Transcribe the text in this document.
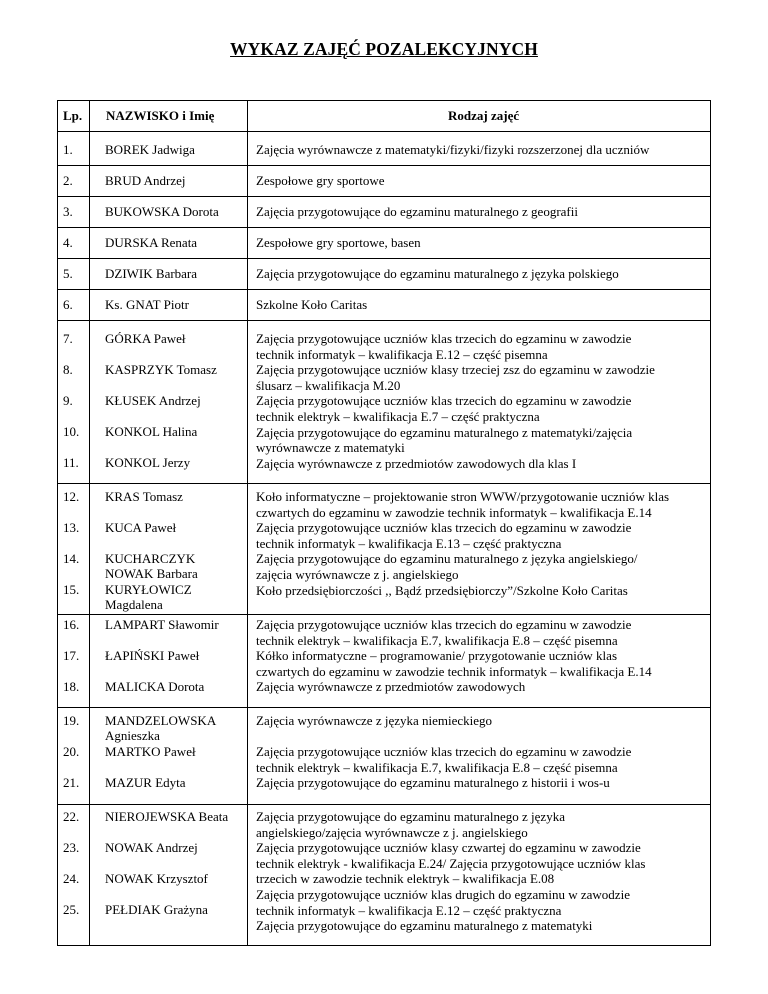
WYKAZ ZAJĘĆ POZALEKCYJNYCH
Lp. NAZWISKO i Imię	Rodzaj zajęć
1. BOREK Jadwiga
2. BRUD Andrzej
3. BUKOWSKA Dorota
4. DURSKA Renata
5. DZIWIK Barbara
6. Ks. GNAT Piotr
7. GÓRKA Paweł
8. KASPRZYK Tomasz
9. KŁUSEK Andrzej
10. KONKOL Halina
11. KONKOL Jerzy
12. KRAS Tomasz
13. KUCA Paweł
14. KUCHARCZYK
NOWAK Barbara
15. KURYŁOWICZ
Magdalena
16. LAMPART Sławomir
17. ŁAPIŃSKI Paweł
18. MALICKA Dorota
19. MANDZELOWSKA
Agnieszka
20. MARTKO Paweł
21. MAZUR Edyta
22. NIEROJEWSKA Beata
23. NOWAK Andrzej
24. NOWAK Krzysztof
25. PEŁDIAK Grażyna
Zajęcia wyrównawcze z matematyki/fizyki/fizyki rozszerzonej dla uczniów
Zespołowe gry sportowe
Zajęcia przygotowujące do egzaminu maturalnego z geografii
Zespołowe gry sportowe, basen
Zajęcia przygotowujące do egzaminu maturalnego z języka polskiego
Szkolne Koło Caritas
Zajęcia przygotowujące uczniów klas trzecich do egzaminu w zawodzie
technik informatyk – kwalifikacja E.12 – część pisemna
Zajęcia przygotowujące uczniów klasy trzeciej zsz do egzaminu w zawodzie
ślusarz – kwalifikacja M.20
Zajęcia przygotowujące uczniów klas trzecich do egzaminu w zawodzie
technik elektryk – kwalifikacja E.7 – część praktyczna
Zajęcia przygotowujące do egzaminu maturalnego z matematyki/zajęcia
wyrównawcze z matematyki
Zajęcia wyrównawcze z przedmiotów zawodowych dla klas I
Koło informatyczne – projektowanie stron WWW/przygotowanie uczniów klas
czwartych do egzaminu w zawodzie technik informatyk – kwalifikacja E.14
Zajęcia przygotowujące uczniów klas trzecich do egzaminu w zawodzie
technik informatyk – kwalifikacja E.13 – część praktyczna
Zajęcia przygotowujące do egzaminu maturalnego z języka angielskiego/
zajęcia wyrównawcze z j. angielskiego
Koło przedsiębiorczości ,, Bądź przedsiębiorczy”/Szkolne Koło Caritas
Zajęcia przygotowujące uczniów klas trzecich do egzaminu w zawodzie
technik elektryk – kwalifikacja E.7, kwalifikacja E.8 – część pisemna
Kółko informatyczne – programowanie/ przygotowanie uczniów klas
czwartych do egzaminu w zawodzie technik informatyk – kwalifikacja E.14
Zajęcia wyrównawcze z przedmiotów zawodowych
Zajęcia wyrównawcze z języka niemieckiego
Zajęcia przygotowujące uczniów klas trzecich do egzaminu w zawodzie
technik elektryk – kwalifikacja E.7, kwalifikacja E.8 – część pisemna
Zajęcia przygotowujące do egzaminu maturalnego z historii i wos-u
Zajęcia przygotowujące do egzaminu maturalnego z języka
angielskiego/zajęcia wyrównawcze z j. angielskiego
Zajęcia przygotowujące uczniów klasy czwartej do egzaminu w zawodzie
technik elektryk - kwalifikacja E.24/ Zajęcia przygotowujące uczniów klas
trzecich w zawodzie technik elektryk – kwalifikacja E.08
Zajęcia przygotowujące uczniów klas drugich do egzaminu w zawodzie
technik informatyk – kwalifikacja E.12 – część praktyczna
Zajęcia przygotowujące do egzaminu maturalnego z matematyki
